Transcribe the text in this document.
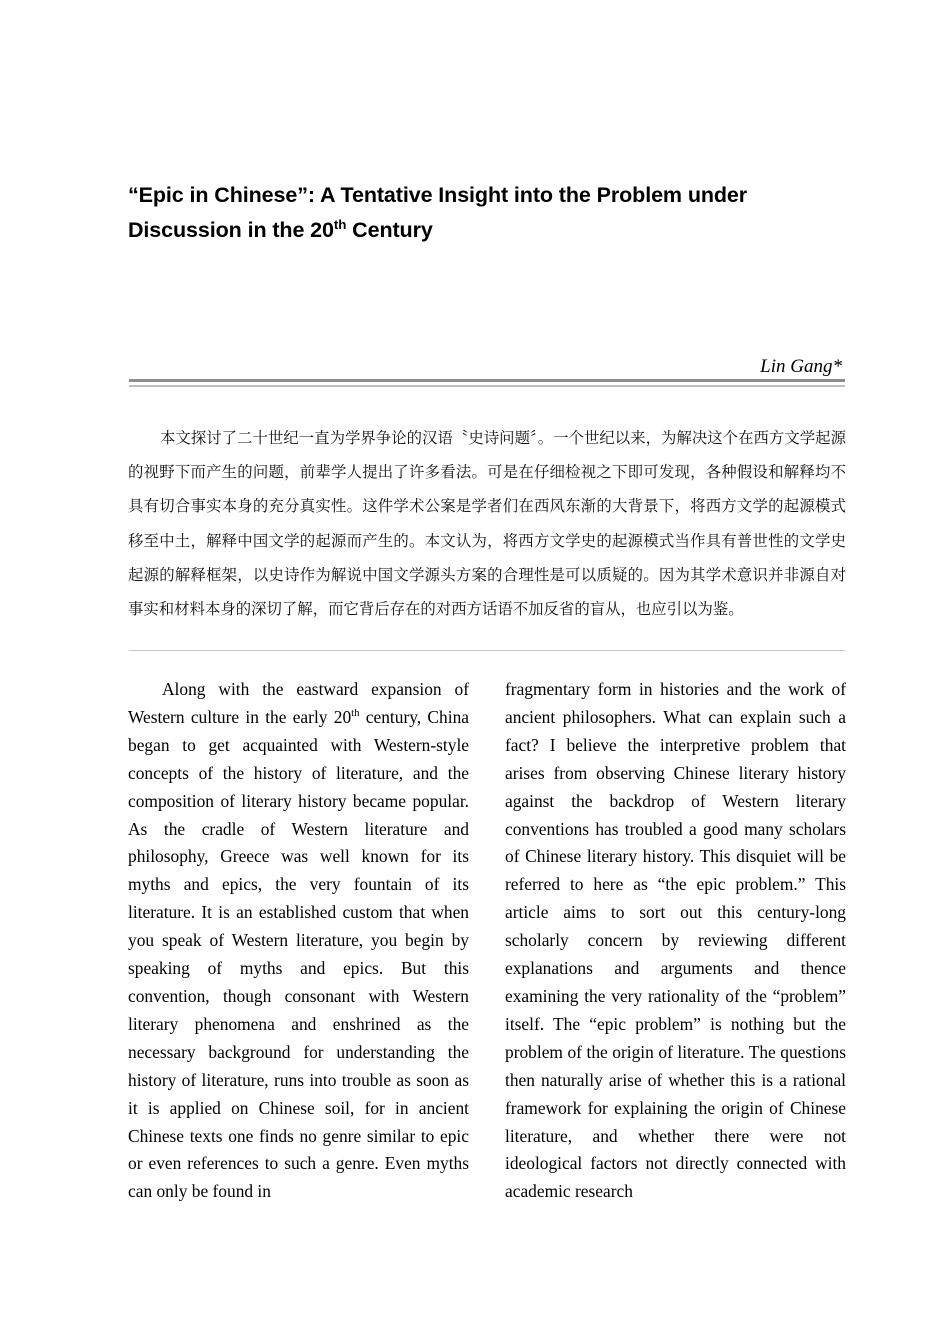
“Epic in Chinese”: A Tentative Insight into the Problem under Discussion in the 20th Century
Lin Gang*
本文探讨了二十世纪一直为学界争论的汉语〝史诗问题〞。一个世纪以来，为解决这个在西方文学起源的视野下而产生的问题，前辈学人提出了许多看法。可是在仔细检视之下即可发现，各种假设和解释均不具有切合事实本身的充分真实性。这件学术公案是学者们在西风东渐的大背景下，将西方文学的起源模式移至中土，解释中国文学的起源而产生的。本文认为，将西方文学史的起源模式当作具有普世性的文学史起源的解释框架，以史诗作为解说中国文学源头方案的合理性是可以质疑的。因为其学术意识并非源自对事实和材料本身的深切了解，而它背后存在的对西方话语不加反省的盲从，也应引以为鉴。

Along with the eastward expansion of Western culture in the early 20th century, China began to get acquainted with Western-style concepts of the history of literature, and the composition of literary history became popular. As the cradle of Western literature and philosophy, Greece was well known for its myths and epics, the very fountain of its literature. It is an established custom that when you speak of Western literature, you begin by speaking of myths and epics. But this convention, though consonant with Western literary phenomena and enshrined as the necessary background for understanding the history of literature, runs into trouble as soon as it is applied on Chinese soil, for in ancient Chinese texts one finds no genre similar to epic or even references to such a genre. Even myths can only be found in

fragmentary form in histories and the work of ancient philosophers. What can explain such a fact? I believe the interpretive problem that arises from observing Chinese literary history against the backdrop of Western literary conventions has troubled a good many scholars of Chinese literary history. This disquiet will be referred to here as “the epic problem.” This article aims to sort out this century-long scholarly concern by reviewing different explanations and arguments and thence examining the very rationality of the “problem” itself. The “epic problem” is nothing but the problem of the origin of literature. The questions then naturally arise of whether this is a rational framework for explaining the origin of Chinese literature, and whether there were not ideological factors not directly connected with academic research
